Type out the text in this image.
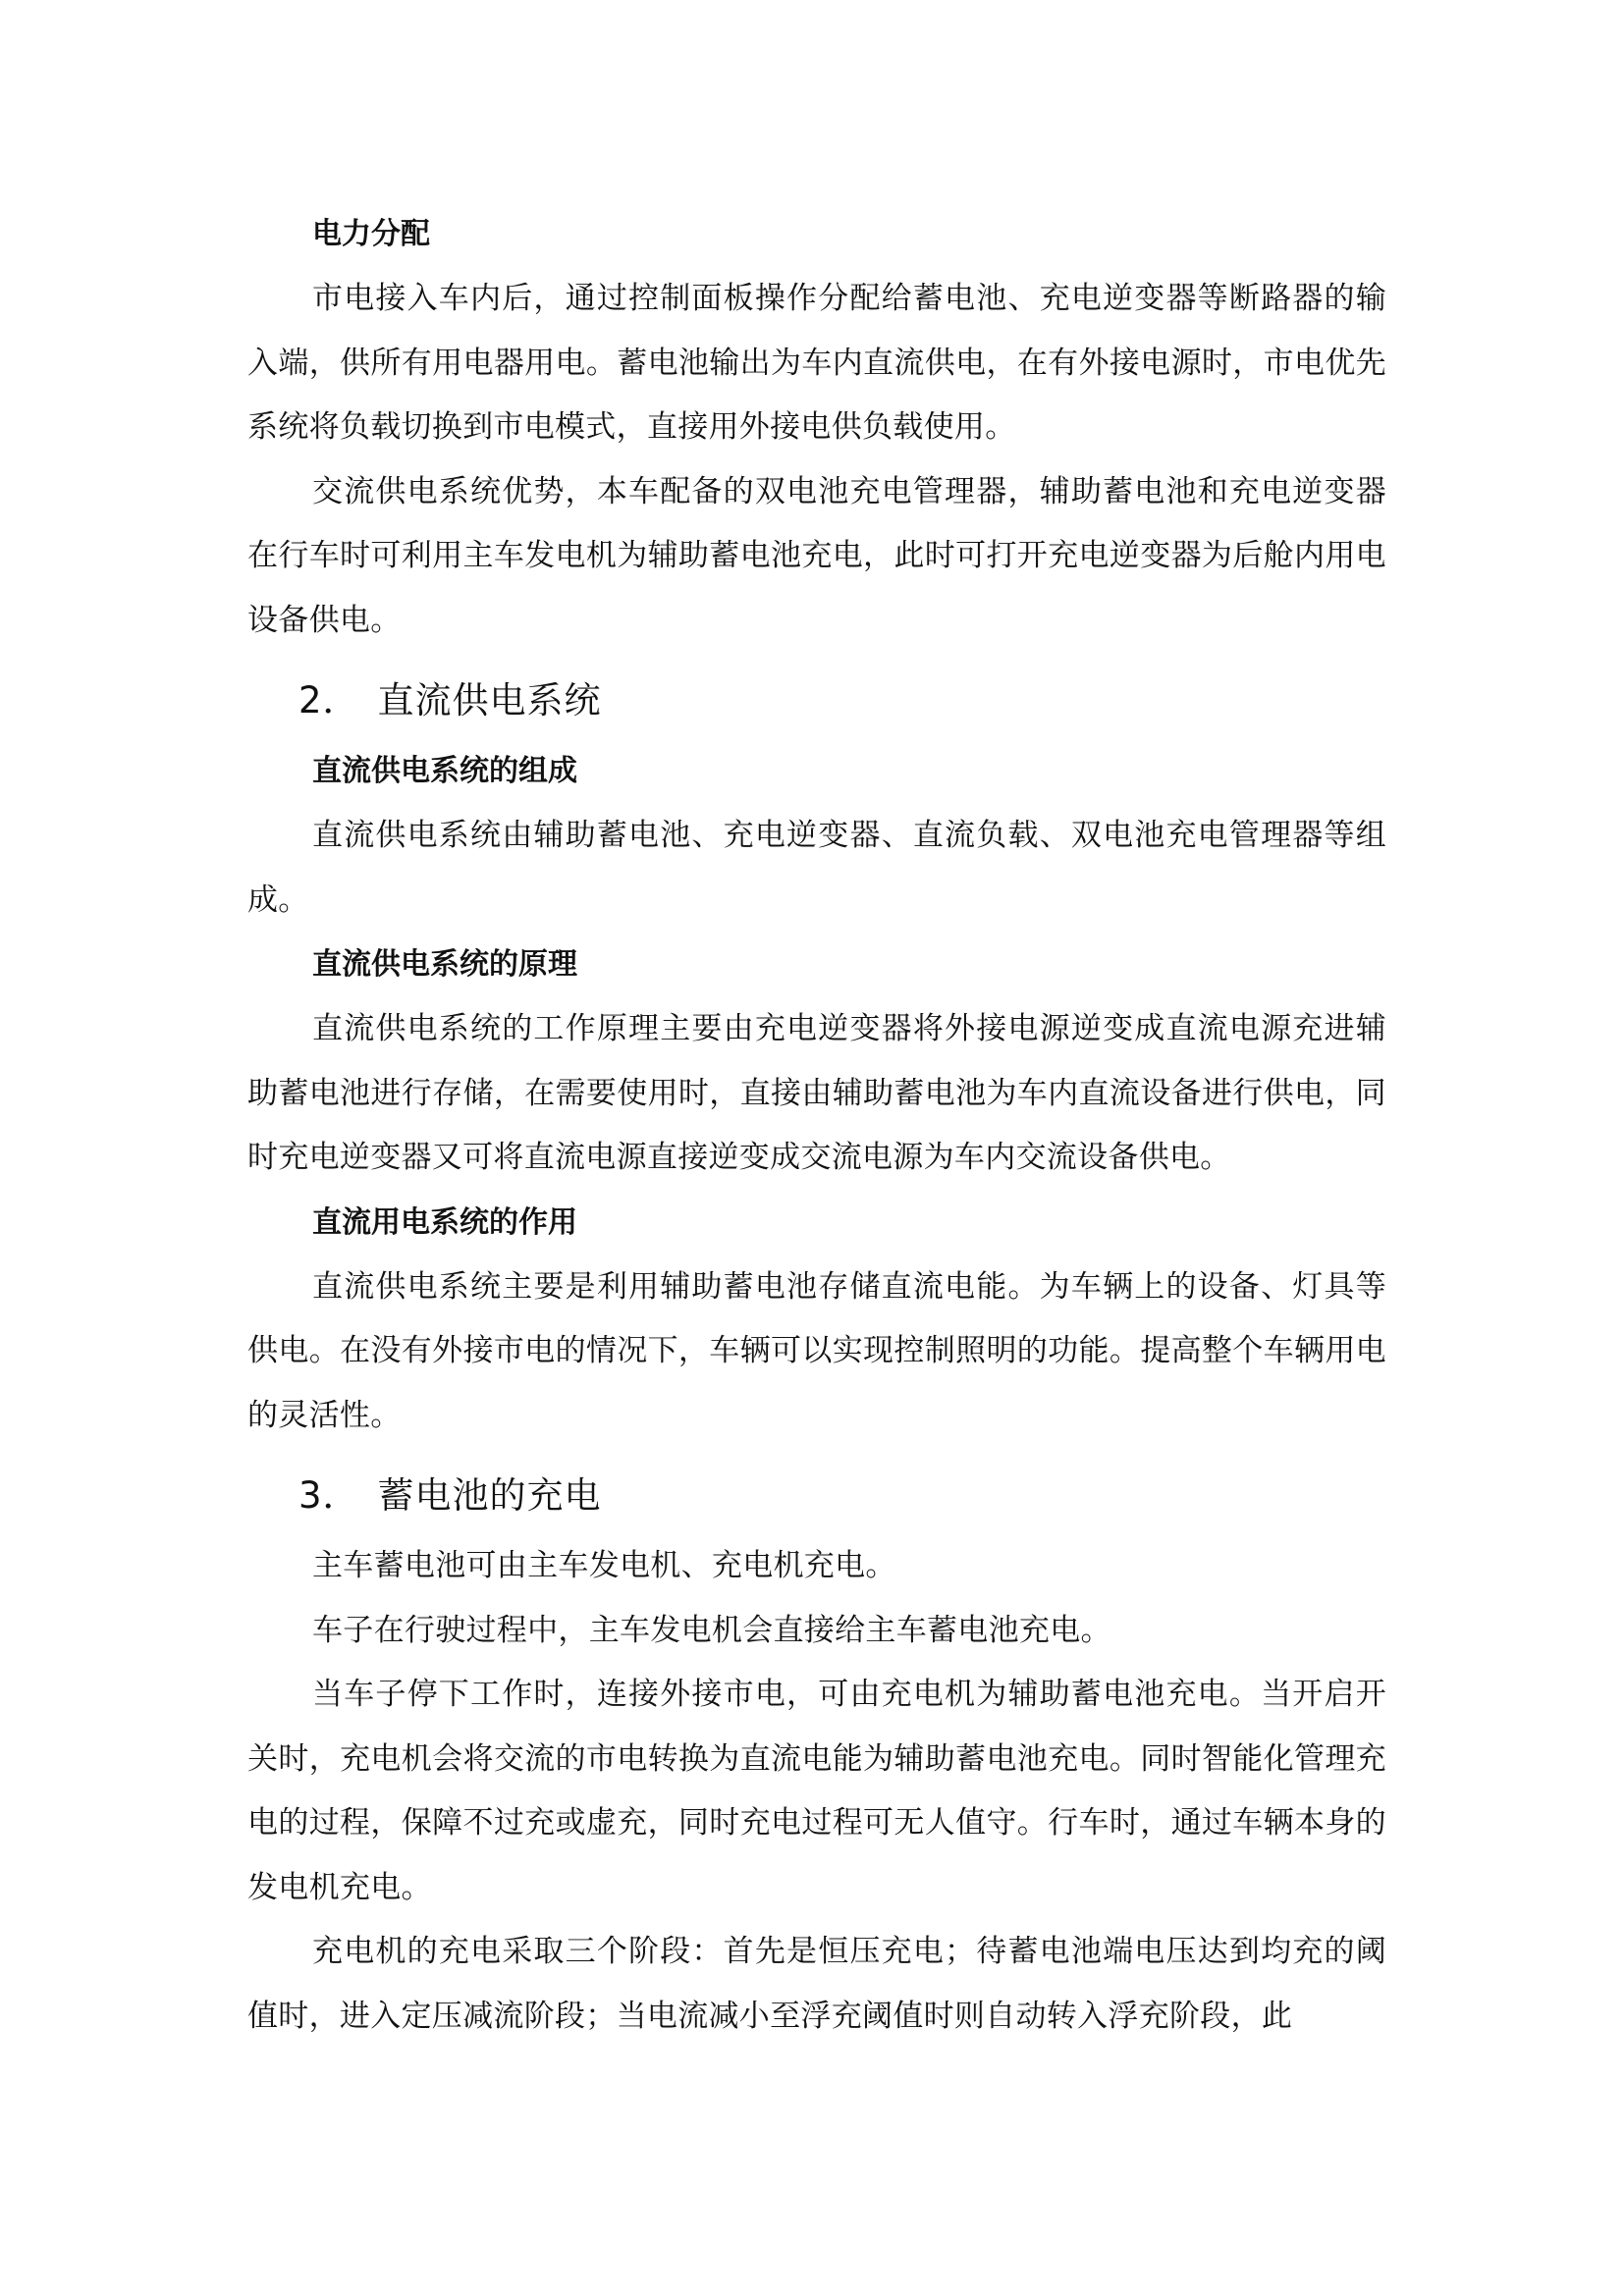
电力分配

市电接入车内后，通过控制面板操作分配给蓄电池、充电逆变器等断路器的输入端，供所有用电器用电。蓄电池输出为车内直流供电，在有外接电源时，市电优先系统将负载切换到市电模式，直接用外接电供负载使用。

交流供电系统优势，本车配备的双电池充电管理器，辅助蓄电池和充电逆变器在行车时可利用主车发电机为辅助蓄电池充电，此时可打开充电逆变器为后舱内用电设备供电。

2． 直流供电系统
直流供电系统的组成

直流供电系统由辅助蓄电池、充电逆变器、直流负载、双电池充电管理器等组成。

直流供电系统的原理

直流供电系统的工作原理主要由充电逆变器将外接电源逆变成直流电源充进辅助蓄电池进行存储，在需要使用时，直接由辅助蓄电池为车内直流设备进行供电，同时充电逆变器又可将直流电源直接逆变成交流电源为车内交流设备供电。

直流用电系统的作用

直流供电系统主要是利用辅助蓄电池存储直流电能。为车辆上的设备、灯具等供电。在没有外接市电的情况下，车辆可以实现控制照明的功能。提高整个车辆用电的灵活性。

3． 蓄电池的充电

主车蓄电池可由主车发电机、充电机充电。

车子在行驶过程中，主车发电机会直接给主车蓄电池充电。

当车子停下工作时，连接外接市电，可由充电机为辅助蓄电池充电。当开启开关时，充电机会将交流的市电转换为直流电能为辅助蓄电池充电。同时智能化管理充电的过程，保障不过充或虚充，同时充电过程可无人值守。行车时，通过车辆本身的发电机充电。

充电机的充电采取三个阶段：首先是恒压充电；待蓄电池端电压达到均充的阈值时，进入定压减流阶段；当电流减小至浮充阈值时则自动转入浮充阶段，此
